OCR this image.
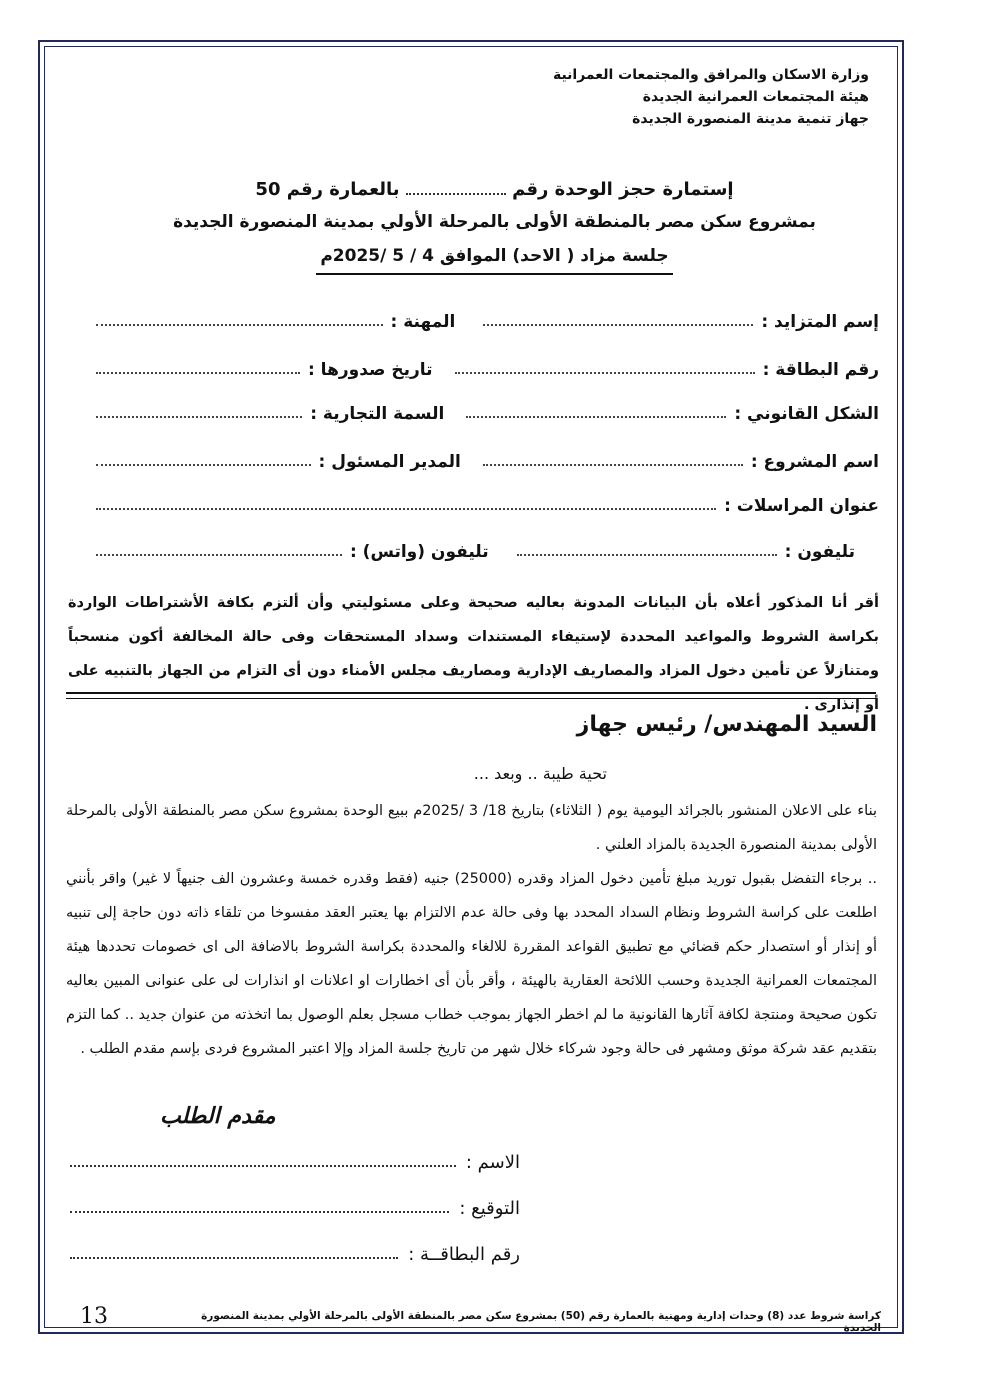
وزارة الاسكان والمرافق والمجتمعات العمرانية
هيئة المجتمعات العمرانية الجديدة
جهاز تنمية مدينة المنصورة الجديدة
إستمارة حجز الوحدة رقم  بالعمارة رقم 50
بمشروع سكن مصر بالمنطقة الأولى بالمرحلة الأولي بمدينة المنصورة الجديدة
جلسة مزاد ( الاحد) الموافق 4 / 5 /2025م
إسم المتزايد :
المهنة :
رقم البطاقة :
تاريخ صدورها :
الشكل القانوني :
السمة التجارية :
اسم المشروع :
المدير المسئول :
عنوان المراسلات :
تليفون :
تليفون (واتس) :
أقر أنا المذكور أعلاه بأن البيانات المدونة بعاليه صحيحة وعلى مسئوليتي وأن ألتزم بكافة الأشتراطات الواردة بكراسة الشروط والمواعيد المحددة لإستيفاء المستندات وسداد المستحقات وفى حالة المخالفة أكون منسحباً ومتنازلاً عن تأمين دخول المزاد والمصاريف الإدارية ومصاريف مجلس الأمناء دون أى التزام من الجهاز بالتنبيه على أو إنذارى .
السيد المهندس/ رئيس جهاز
تحية طيبة .. وبعد ...

بناء على الاعلان المنشور بالجرائد اليومية يوم ( الثلاثاء) بتاريخ 18/ 3 /2025م ببيع الوحدة بمشروع سكن مصر بالمنطقة الأولى بالمرحلة الأولى بمدينة المنصورة الجديدة بالمزاد العلني .

.. برجاء التفضل بقبول توريد مبلغ تأمين دخول المزاد وقدره (25000) جنيه (فقط وقدره خمسة وعشرون الف جنيهاً لا غير) واقر بأنني اطلعت على كراسة الشروط ونظام السداد المحدد بها وفى حالة عدم الالتزام بها يعتبر العقد مفسوخا من تلقاء ذاته دون حاجة إلى تنبيه أو إنذار أو استصدار حكم قضائي مع تطبيق القواعد المقررة للالغاء والمحددة بكراسة الشروط بالاضافة الى اى خصومات تحددها هيئة المجتمعات العمرانية الجديدة وحسب اللائحة العقارية بالهيئة ، وأقر بأن أى اخطارات او اعلانات او انذارات لى على عنوانى المبين بعاليه تكون صحيحة ومنتجة لكافة آثارها القانونية ما لم اخطر الجهاز بموجب خطاب مسجل بعلم الوصول بما اتخذته من عنوان جديد .. كما التزم بتقديم عقد شركة موثق ومشهر فى حالة وجود شركاء خلال شهر من تاريخ جلسة المزاد وإلا اعتبر المشروع فردى بإسم مقدم الطلب .

مقدم الطلب
الاسم :
التوقيع :
رقم البطاقــة :
13	كراسة شروط عدد (8) وحدات إدارية ومهنية بالعمارة رقم (50) بمشروع سكن مصر بالمنطقة الأولى بالمرحلة الأولي بمدينة المنصورة الجديدة
